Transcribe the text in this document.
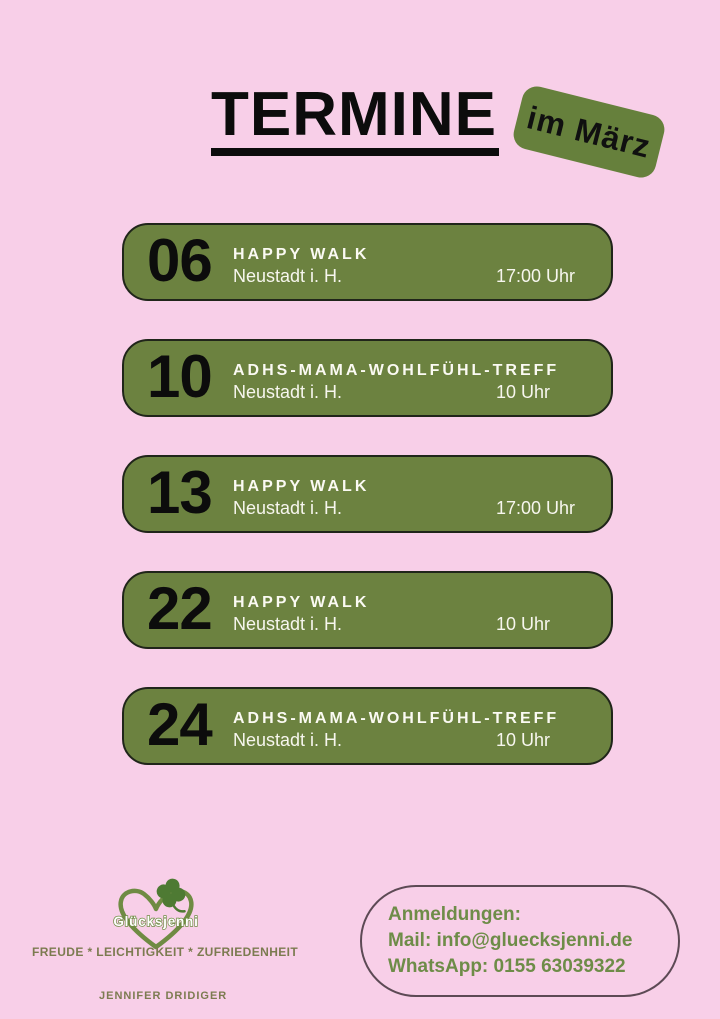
TERMINE im März
06 HAPPY WALK
Neustadt i. H.	17:00 Uhr
10 ADHS-MAMA-WOHLFÜHL-TREFF
Neustadt i. H.	10 Uhr
13 HAPPY WALK
Neustadt i. H.	17:00 Uhr
22 HAPPY WALK
Neustadt i. H.	10 Uhr
24 ADHS-MAMA-WOHLFÜHL-TREFF
Neustadt i. H.	10 Uhr
Glücksjenni
FREUDE * LEICHTIGKEIT * ZUFRIEDENHEIT
JENNIFER DRIDIGER
Anmeldungen:
Mail: info@gluecksjenni.de
WhatsApp: 0155 63039322
